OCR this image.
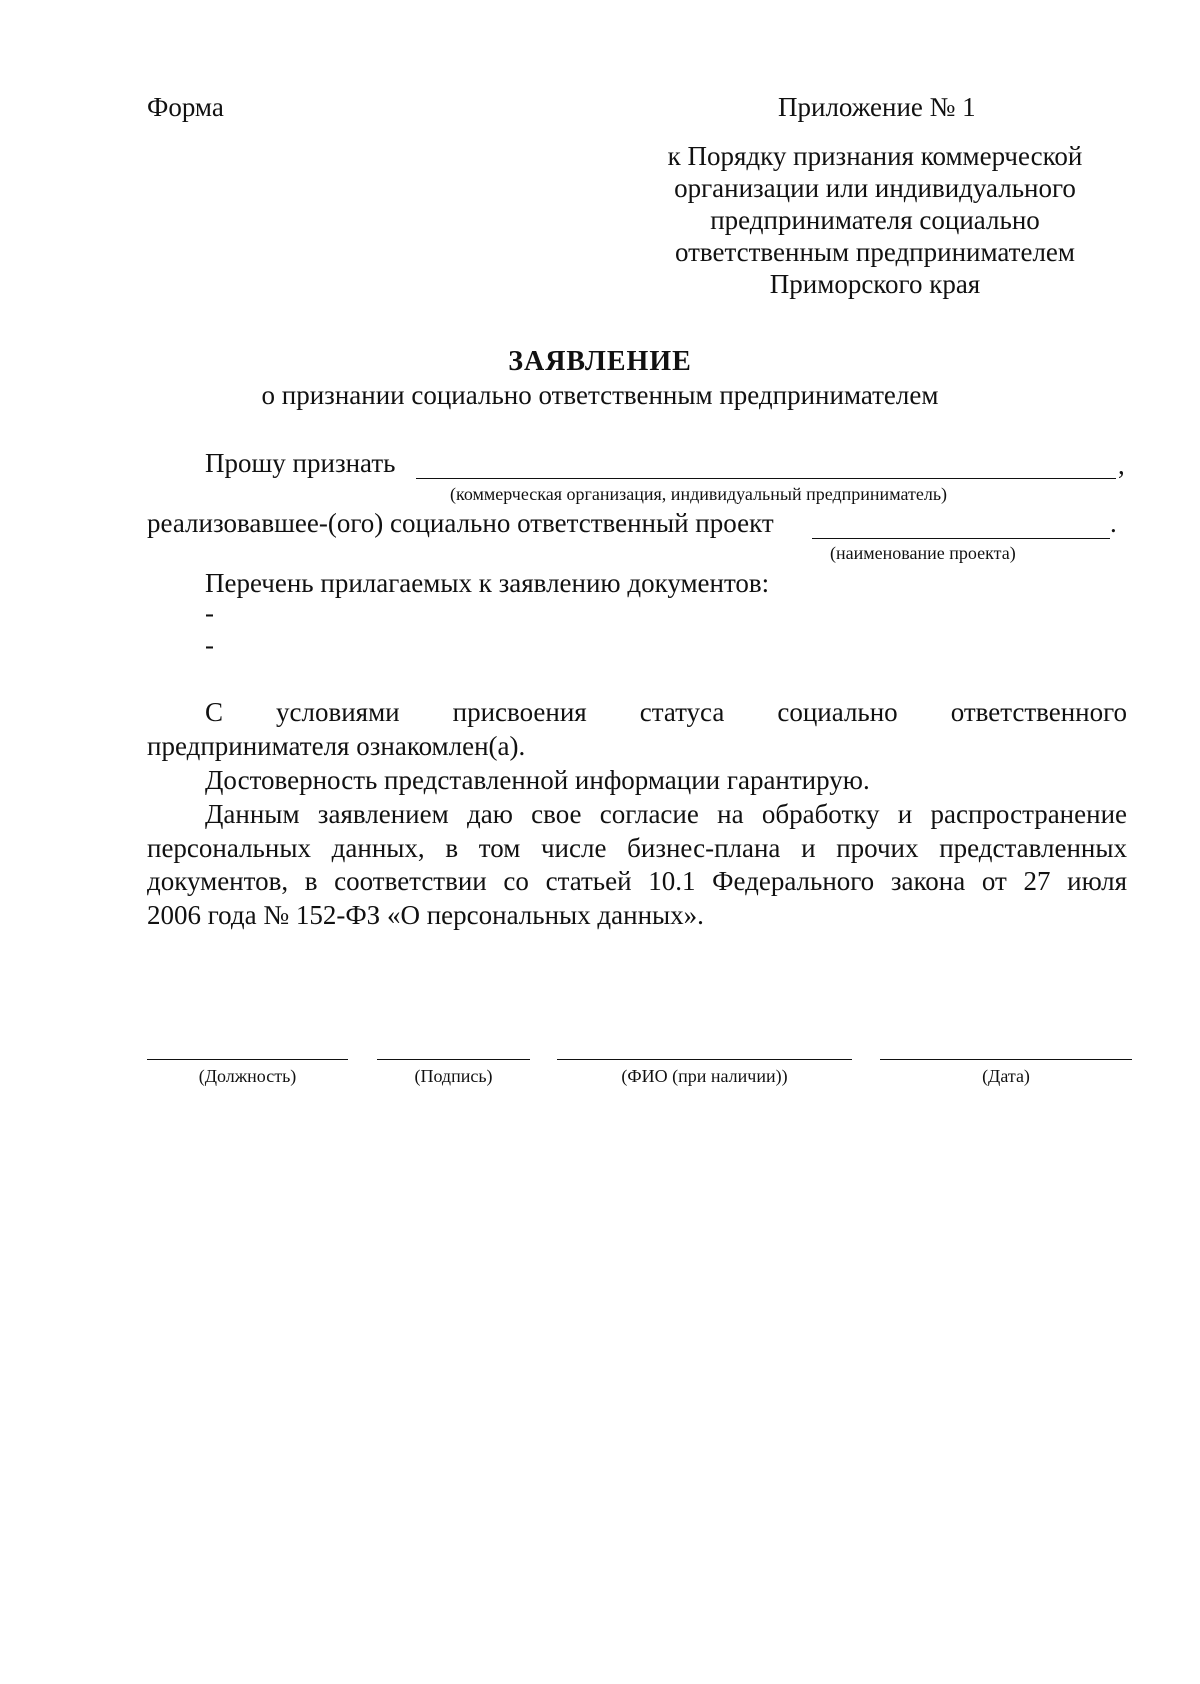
Форма	Приложение № 1
к Порядку признания коммерческой
организации или индивидуального
предпринимателя социально
ответственным предпринимателем
Приморского края
ЗАЯВЛЕНИЕ
о признании социально ответственным предпринимателем
Прошу признать	,
(коммерческая организация, индивидуальный предприниматель)
реализовавшее-(ого) социально ответственный проект	.
(наименование проекта)
Перечень прилагаемых к заявлению документов:
-
-
С условиями присвоения статуса социально ответственного
предпринимателя ознакомлен(а).
Достоверность представленной информации гарантирую.
Данным заявлением даю свое согласие на обработку и распространение
персональных данных, в том числе бизнес-плана и прочих представленных
документов, в соответствии со статьей 10.1 Федерального закона от 27 июля
2006 года № 152-ФЗ «О персональных данных».
(Должность)	(Подпись)	(ФИО (при наличии))	(Дата)
